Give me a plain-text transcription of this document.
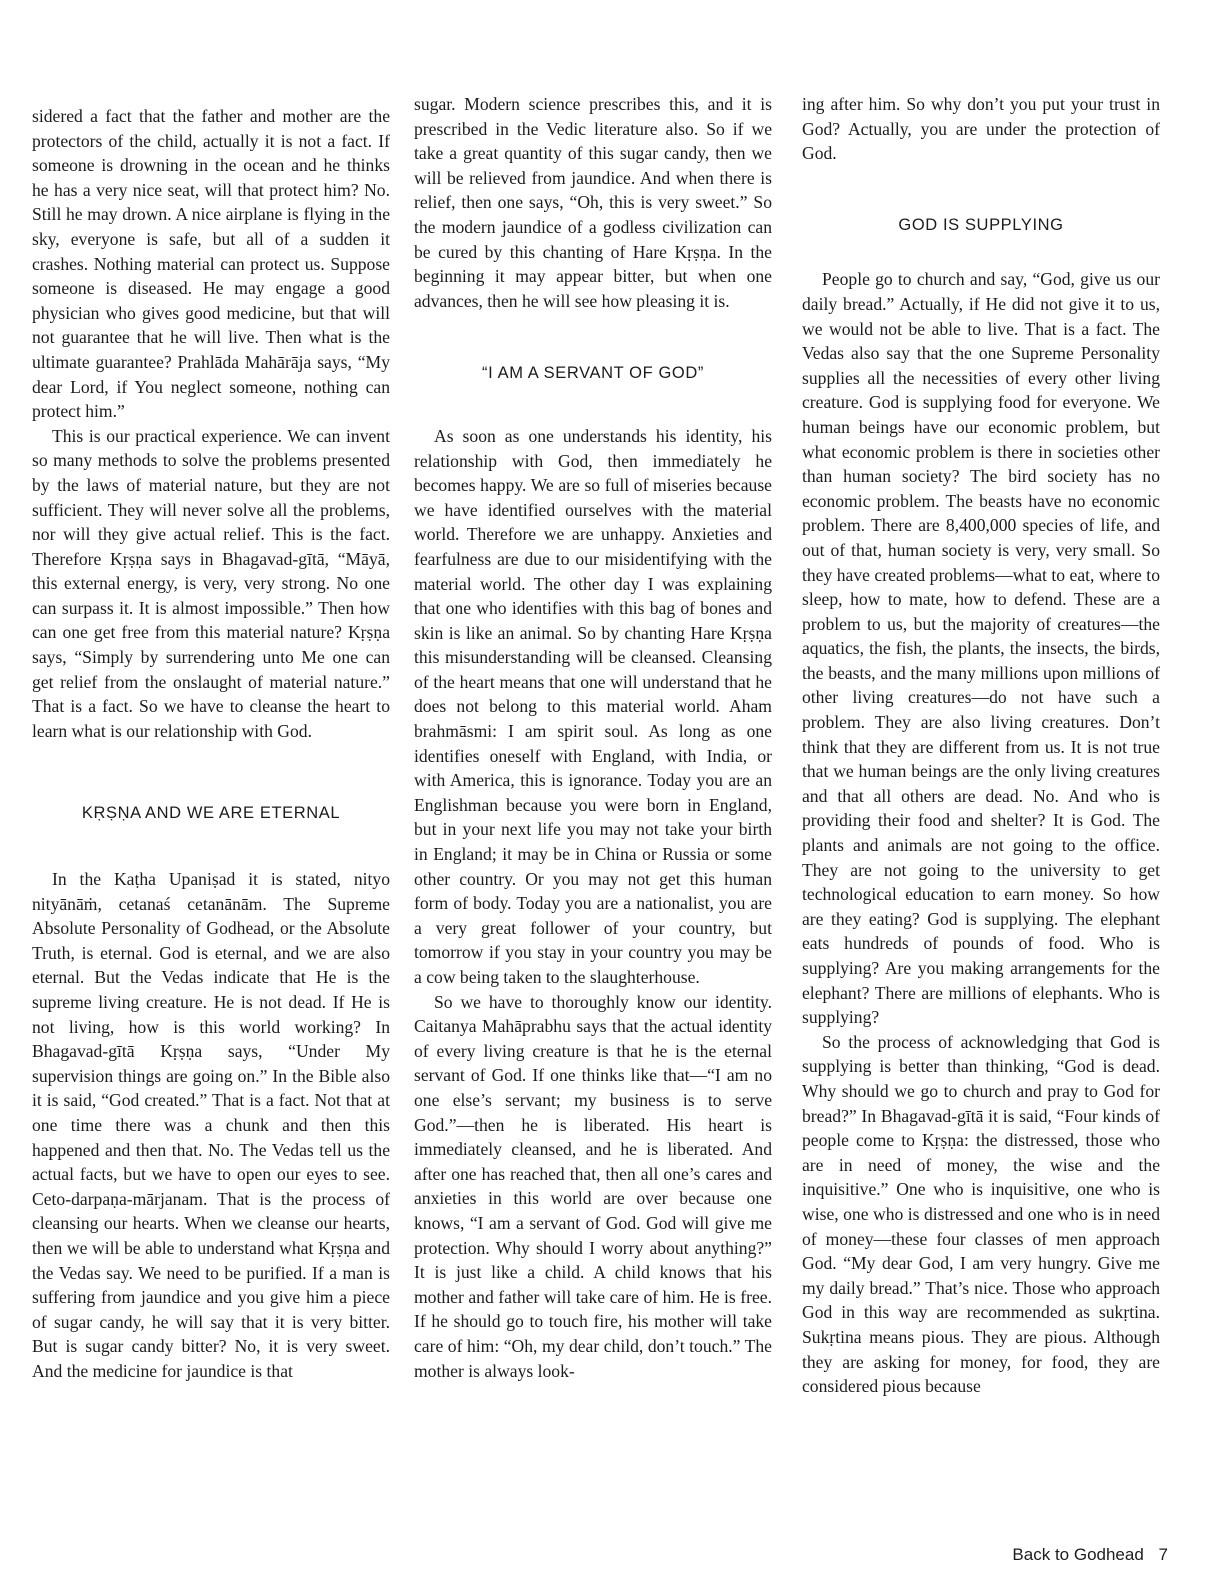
sidered a fact that the father and mother are the protectors of the child, actually it is not a fact. If someone is drowning in the ocean and he thinks he has a very nice seat, will that protect him? No. Still he may drown. A nice airplane is flying in the sky, everyone is safe, but all of a sudden it crashes. Nothing material can protect us. Suppose someone is diseased. He may engage a good physician who gives good medicine, but that will not guarantee that he will live. Then what is the ultimate guarantee? Prahlāda Mahārāja says, “My dear Lord, if You neglect someone, nothing can protect him.”

This is our practical experience. We can invent so many methods to solve the problems presented by the laws of material nature, but they are not sufficient. They will never solve all the problems, nor will they give actual relief. This is the fact. Therefore Kṛṣṇa says in Bhagavad-gītā, “Māyā, this external energy, is very, very strong. No one can surpass it. It is almost impossible.” Then how can one get free from this material nature? Kṛṣṇa says, “Simply by surrendering unto Me one can get relief from the onslaught of material nature.” That is a fact. So we have to cleanse the heart to learn what is our relationship with God.

KṚṢṆA AND WE ARE ETERNAL

In the Kaṭha Upaniṣad it is stated, nityo nityānāṁ, cetanaś cetanānām. The Supreme Absolute Personality of Godhead, or the Absolute Truth, is eternal. God is eternal, and we are also eternal. But the Vedas indicate that He is the supreme living creature. He is not dead. If He is not living, how is this world working? In Bhagavad-gītā Kṛṣṇa says, “Under My supervision things are going on.” In the Bible also it is said, “God created.” That is a fact. Not that at one time there was a chunk and then this happened and then that. No. The Vedas tell us the actual facts, but we have to open our eyes to see. Ceto-darpaṇa-mārjanam. That is the process of cleansing our hearts. When we cleanse our hearts, then we will be able to understand what Kṛṣṇa and the Vedas say. We need to be purified. If a man is suffering from jaundice and you give him a piece of sugar candy, he will say that it is very bitter. But is sugar candy bitter? No, it is very sweet. And the medicine for jaundice is that

sugar. Modern science prescribes this, and it is prescribed in the Vedic literature also. So if we take a great quantity of this sugar candy, then we will be relieved from jaundice. And when there is relief, then one says, “Oh, this is very sweet.” So the modern jaundice of a godless civilization can be cured by this chanting of Hare Kṛṣṇa. In the beginning it may appear bitter, but when one advances, then he will see how pleasing it is.

“I AM A SERVANT OF GOD”

As soon as one understands his identity, his relationship with God, then immediately he becomes happy. We are so full of miseries because we have identified ourselves with the material world. Therefore we are unhappy. Anxieties and fearfulness are due to our misidentifying with the material world. The other day I was explaining that one who identifies with this bag of bones and skin is like an animal. So by chanting Hare Kṛṣṇa this misunderstanding will be cleansed. Cleansing of the heart means that one will understand that he does not belong to this material world. Aham brahmāsmi: I am spirit soul. As long as one identifies oneself with England, with India, or with America, this is ignorance. Today you are an Englishman because you were born in England, but in your next life you may not take your birth in England; it may be in China or Russia or some other country. Or you may not get this human form of body. Today you are a nationalist, you are a very great follower of your country, but tomorrow if you stay in your country you may be a cow being taken to the slaughterhouse.

So we have to thoroughly know our identity. Caitanya Mahāprabhu says that the actual identity of every living creature is that he is the eternal servant of God. If one thinks like that—“I am no one else’s servant; my business is to serve God.”—then he is liberated. His heart is immediately cleansed, and he is liberated. And after one has reached that, then all one’s cares and anxieties in this world are over because one knows, “I am a servant of God. God will give me protection. Why should I worry about anything?” It is just like a child. A child knows that his mother and father will take care of him. He is free. If he should go to touch fire, his mother will take care of him: “Oh, my dear child, don’t touch.” The mother is always look-

ing after him. So why don’t you put your trust in God? Actually, you are under the protection of God.

GOD IS SUPPLYING

People go to church and say, “God, give us our daily bread.” Actually, if He did not give it to us, we would not be able to live. That is a fact. The Vedas also say that the one Supreme Personality supplies all the necessities of every other living creature. God is supplying food for everyone. We human beings have our economic problem, but what economic problem is there in societies other than human society? The bird society has no economic problem. The beasts have no economic problem. There are 8,400,000 species of life, and out of that, human society is very, very small. So they have created problems—what to eat, where to sleep, how to mate, how to defend. These are a problem to us, but the majority of creatures—the aquatics, the fish, the plants, the insects, the birds, the beasts, and the many millions upon millions of other living creatures—do not have such a problem. They are also living creatures. Don’t think that they are different from us. It is not true that we human beings are the only living creatures and that all others are dead. No. And who is providing their food and shelter? It is God. The plants and animals are not going to the office. They are not going to the university to get technological education to earn money. So how are they eating? God is supplying. The elephant eats hundreds of pounds of food. Who is supplying? Are you making arrangements for the elephant? There are millions of elephants. Who is supplying?

So the process of acknowledging that God is supplying is better than thinking, “God is dead. Why should we go to church and pray to God for bread?” In Bhagavad-gītā it is said, “Four kinds of people come to Kṛṣṇa: the distressed, those who are in need of money, the wise and the inquisitive.” One who is inquisitive, one who is wise, one who is distressed and one who is in need of money—these four classes of men approach God. “My dear God, I am very hungry. Give me my daily bread.” That’s nice. Those who approach God in this way are recommended as sukṛtina. Sukṛtina means pious. They are pious. Although they are asking for money, for food, they are considered pious because

Back to Godhead 7
